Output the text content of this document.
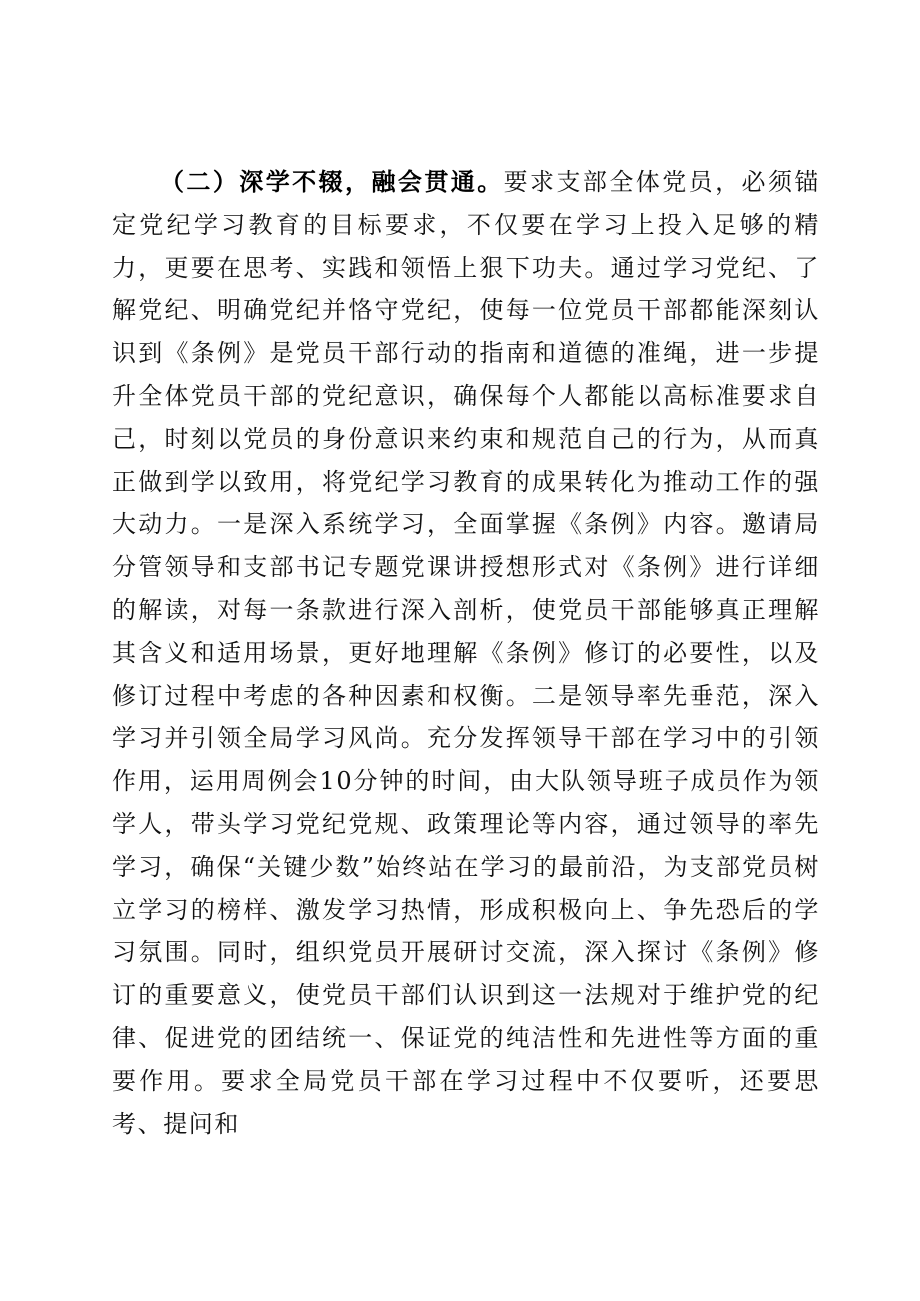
（二）深学不辍，融会贯通。要求支部全体党员，必须锚定党纪学习教育的目标要求，不仅要在学习上投入足够的精力，更要在思考、实践和领悟上狠下功夫。通过学习党纪、了解党纪、明确党纪并恪守党纪，使每一位党员干部都能深刻认识到《条例》是党员干部行动的指南和道德的准绳，进一步提升全体党员干部的党纪意识，确保每个人都能以高标准要求自己，时刻以党员的身份意识来约束和规范自己的行为，从而真正做到学以致用，将党纪学习教育的成果转化为推动工作的强大动力。一是深入系统学习，全面掌握《条例》内容。邀请局分管领导和支部书记专题党课讲授想形式对《条例》进行详细的解读，对每一条款进行深入剖析，使党员干部能够真正理解其含义和适用场景，更好地理解《条例》修订的必要性，以及修订过程中考虑的各种因素和权衡。二是领导率先垂范，深入学习并引领全局学习风尚。充分发挥领导干部在学习中的引领作用，运用周例会10分钟的时间，由大队领导班子成员作为领学人，带头学习党纪党规、政策理论等内容，通过领导的率先学习，确保“关键少数”始终站在学习的最前沿，为支部党员树立学习的榜样、激发学习热情，形成积极向上、争先恐后的学习氛围。同时，组织党员开展研讨交流，深入探讨《条例》修订的重要意义，使党员干部们认识到这一法规对于维护党的纪律、促进党的团结统一、保证党的纯洁性和先进性等方面的重要作用。要求全局党员干部在学习过程中不仅要听，还要思考、提问和
